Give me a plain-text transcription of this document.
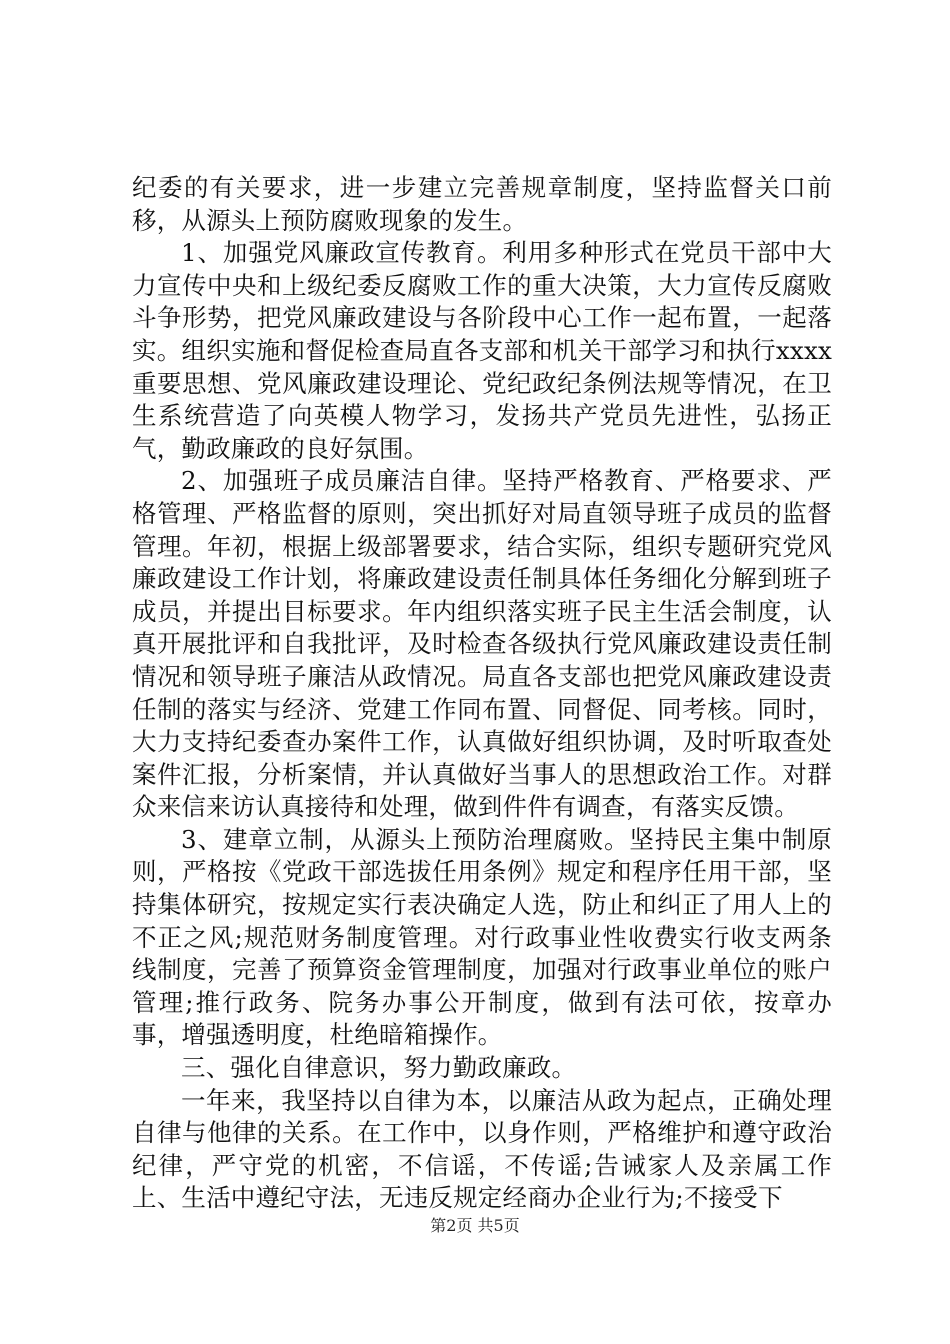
纪委的有关要求，进一步建立完善规章制度，坚持监督关口前移，从源头上预防腐败现象的发生。

1、加强党风廉政宣传教育。利用多种形式在党员干部中大力宣传中央和上级纪委反腐败工作的重大决策，大力宣传反腐败斗争形势，把党风廉政建设与各阶段中心工作一起布置，一起落实。组织实施和督促检查局直各支部和机关干部学习和执行xxxx重要思想、党风廉政建设理论、党纪政纪条例法规等情况，在卫生系统营造了向英模人物学习，发扬共产党员先进性，弘扬正气，勤政廉政的良好氛围。

2、加强班子成员廉洁自律。坚持严格教育、严格要求、严格管理、严格监督的原则，突出抓好对局直领导班子成员的监督管理。年初，根据上级部署要求，结合实际，组织专题研究党风廉政建设工作计划，将廉政建设责任制具体任务细化分解到班子成员，并提出目标要求。年内组织落实班子民主生活会制度，认真开展批评和自我批评，及时检查各级执行党风廉政建设责任制情况和领导班子廉洁从政情况。局直各支部也把党风廉政建设责任制的落实与经济、党建工作同布置、同督促、同考核。同时，大力支持纪委查办案件工作，认真做好组织协调，及时听取查处案件汇报，分析案情，并认真做好当事人的思想政治工作。对群众来信来访认真接待和处理，做到件件有调查，有落实反馈。

3、建章立制，从源头上预防治理腐败。坚持民主集中制原则，严格按《党政干部选拔任用条例》规定和程序任用干部，坚持集体研究，按规定实行表决确定人选，防止和纠正了用人上的不正之风;规范财务制度管理。对行政事业性收费实行收支两条线制度，完善了预算资金管理制度，加强对行政事业单位的账户管理;推行政务、院务办事公开制度，做到有法可依，按章办事，增强透明度，杜绝暗箱操作。

三、强化自律意识，努力勤政廉政。

一年来，我坚持以自律为本，以廉洁从政为起点，正确处理自律与他律的关系。在工作中，以身作则，严格维护和遵守政治纪律，严守党的机密，不信谣，不传谣;告诫家人及亲属工作上、生活中遵纪守法，无违反规定经商办企业行为;不接受下

第2页 共5页
